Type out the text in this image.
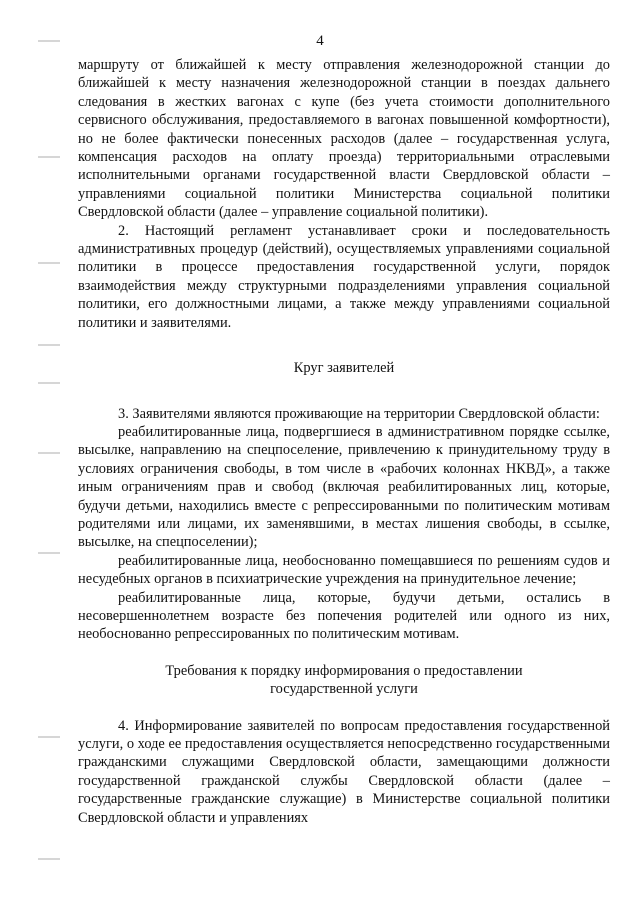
4

маршруту от ближайшей к месту отправления железнодорожной станции до ближайшей к месту назначения железнодорожной станции в поездах дальнего следования в жестких вагонах с купе (без учета стоимости дополнительного сервисного обслуживания, предоставляемого в вагонах повышенной комфортности), но не более фактически понесенных расходов (далее – государственная услуга, компенсация расходов на оплату проезда) территориальными отраслевыми исполнительными органами государственной власти Свердловской области – управлениями социальной политики Министерства социальной политики Свердловской области (далее – управление социальной политики).

2. Настоящий регламент устанавливает сроки и последовательность административных процедур (действий), осуществляемых управлениями социальной политики в процессе предоставления государственной услуги, порядок взаимодействия между структурными подразделениями управления социальной политики, его должностными лицами, а также между управлениями социальной политики и заявителями.

Круг заявителей

3. Заявителями являются проживающие на территории Свердловской области:

реабилитированные лица, подвергшиеся в административном порядке ссылке, высылке, направлению на спецпоселение, привлечению к принудительному труду в условиях ограничения свободы, в том числе в «рабочих колоннах НКВД», а также иным ограничениям прав и свобод (включая реабилитированных лиц, которые, будучи детьми, находились вместе с репрессированными по политическим мотивам родителями или лицами, их заменявшими, в местах лишения свободы, в ссылке, высылке, на спецпоселении);

реабилитированные лица, необоснованно помещавшиеся по решениям судов и несудебных органов в психиатрические учреждения на принудительное лечение;

реабилитированные лица, которые, будучи детьми, остались в несовершеннолетнем возрасте без попечения родителей или одного из них, необоснованно репрессированных по политическим мотивам.

Требования к порядку информирования о предоставлении
государственной услуги

4. Информирование заявителей по вопросам предоставления государственной услуги, о ходе ее предоставления осуществляется непосредственно государственными гражданскими служащими Свердловской области, замещающими должности государственной гражданской службы Свердловской области (далее – государственные гражданские служащие) в Министерстве социальной политики Свердловской области и управлениях
